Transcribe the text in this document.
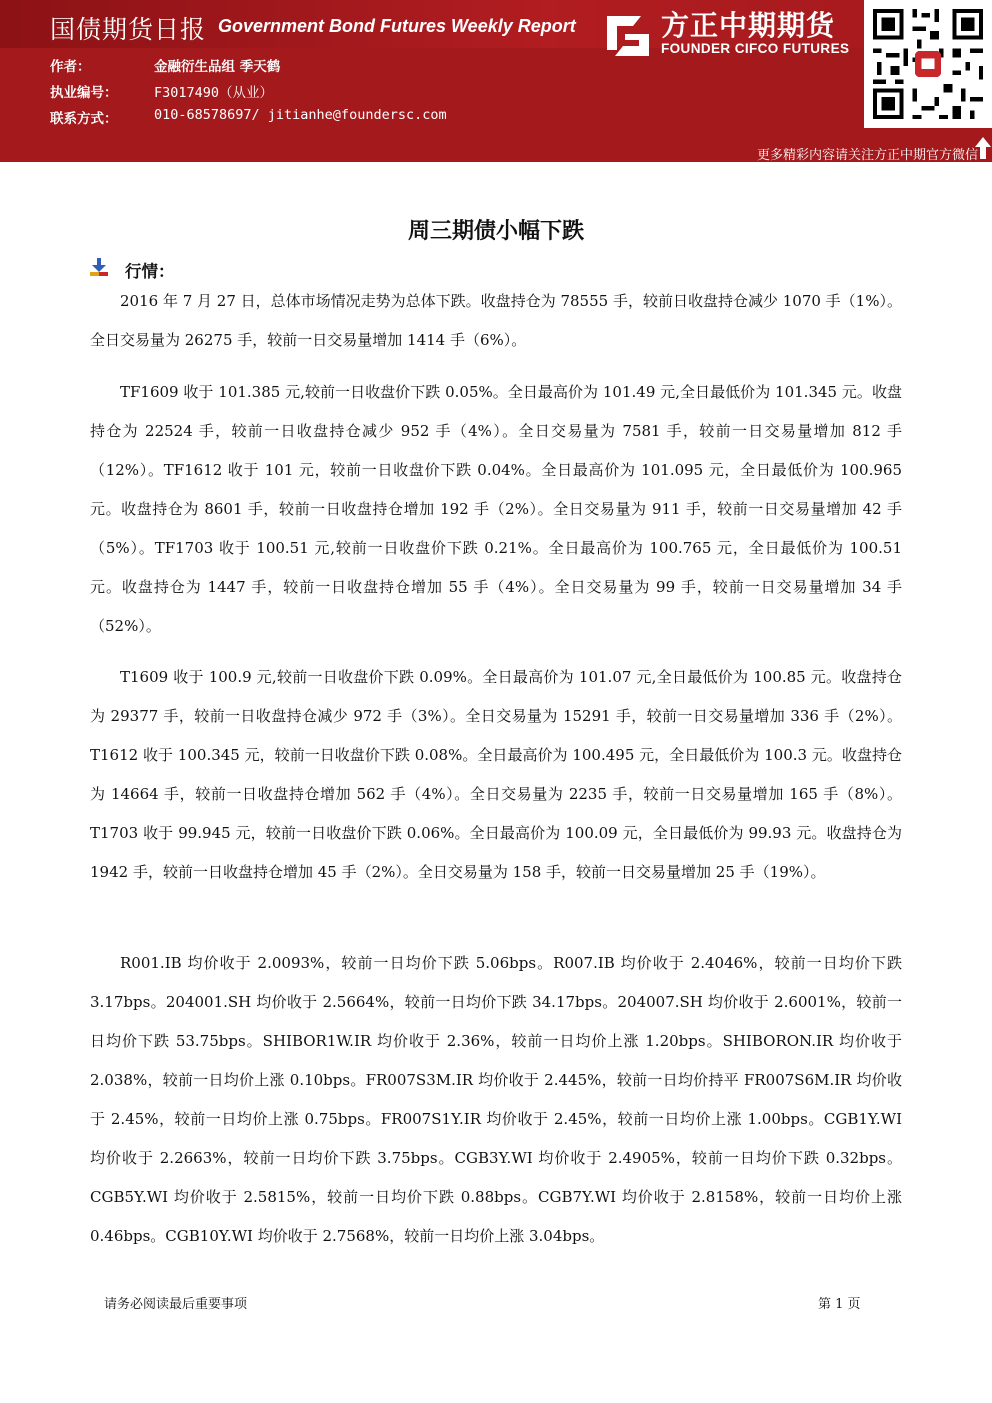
国债期货日报 Government Bond Futures Weekly Report
作者：	金融衍生品组 季天鹤
执业编号：	F3017490（从业）
联系方式：	010-68578697/ jitianhe@foundersc.com
方正中期期货
FOUNDER CIFCO FUTURES
更多精彩内容请关注方正中期官方微信
周三期债小幅下跌
行情：

2016 年 7 月 27 日，总体市场情况走势为总体下跌。收盘持仓为 78555 手，较前日收盘持仓减少 1070 手（1%）。全日交易量为 26275 手，较前一日交易量增加 1414 手（6%）。

TF1609 收于 101.385 元,较前一日收盘价下跌 0.05%。全日最高价为 101.49 元,全日最低价为 101.345 元。收盘持仓为 22524 手，较前一日收盘持仓减少 952 手（4%）。全日交易量为 7581 手，较前一日交易量增加 812 手（12%）。TF1612 收于 101 元，较前一日收盘价下跌 0.04%。全日最高价为 101.095 元，全日最低价为 100.965 元。收盘持仓为 8601 手，较前一日收盘持仓增加 192 手（2%）。全日交易量为 911 手，较前一日交易量增加 42 手（5%）。TF1703 收于 100.51 元,较前一日收盘价下跌 0.21%。全日最高价为 100.765 元，全日最低价为 100.51 元。收盘持仓为 1447 手，较前一日收盘持仓增加 55 手（4%）。全日交易量为 99 手，较前一日交易量增加 34 手（52%）。

T1609 收于 100.9 元,较前一日收盘价下跌 0.09%。全日最高价为 101.07 元,全日最低价为 100.85 元。收盘持仓为 29377 手，较前一日收盘持仓减少 972 手（3%）。全日交易量为 15291 手，较前一日交易量增加 336 手（2%）。T1612 收于 100.345 元，较前一日收盘价下跌 0.08%。全日最高价为 100.495 元，全日最低价为 100.3 元。收盘持仓为 14664 手，较前一日收盘持仓增加 562 手（4%）。全日交易量为 2235 手，较前一日交易量增加 165 手（8%）。T1703 收于 99.945 元，较前一日收盘价下跌 0.06%。全日最高价为 100.09 元，全日最低价为 99.93 元。收盘持仓为 1942 手，较前一日收盘持仓增加 45 手（2%）。全日交易量为 158 手，较前一日交易量增加 25 手（19%）。

R001.IB 均价收于 2.0093%，较前一日均价下跌 5.06bps。R007.IB 均价收于 2.4046%，较前一日均价下跌 3.17bps。204001.SH 均价收于 2.5664%，较前一日均价下跌 34.17bps。204007.SH 均价收于 2.6001%，较前一日均价下跌 53.75bps。SHIBOR1W.IR 均价收于 2.36%，较前一日均价上涨 1.20bps。SHIBORON.IR 均价收于 2.038%，较前一日均价上涨 0.10bps。FR007S3M.IR 均价收于 2.445%，较前一日均价持平 FR007S6M.IR 均价收于 2.45%，较前一日均价上涨 0.75bps。FR007S1Y.IR 均价收于 2.45%，较前一日均价上涨 1.00bps。CGB1Y.WI 均价收于 2.2663%，较前一日均价下跌 3.75bps。CGB3Y.WI 均价收于 2.4905%，较前一日均价下跌 0.32bps。CGB5Y.WI 均价收于 2.5815%，较前一日均价下跌 0.88bps。CGB7Y.WI 均价收于 2.8158%，较前一日均价上涨 0.46bps。CGB10Y.WI 均价收于 2.7568%，较前一日均价上涨 3.04bps。

请务必阅读最后重要事项	第 1 页
